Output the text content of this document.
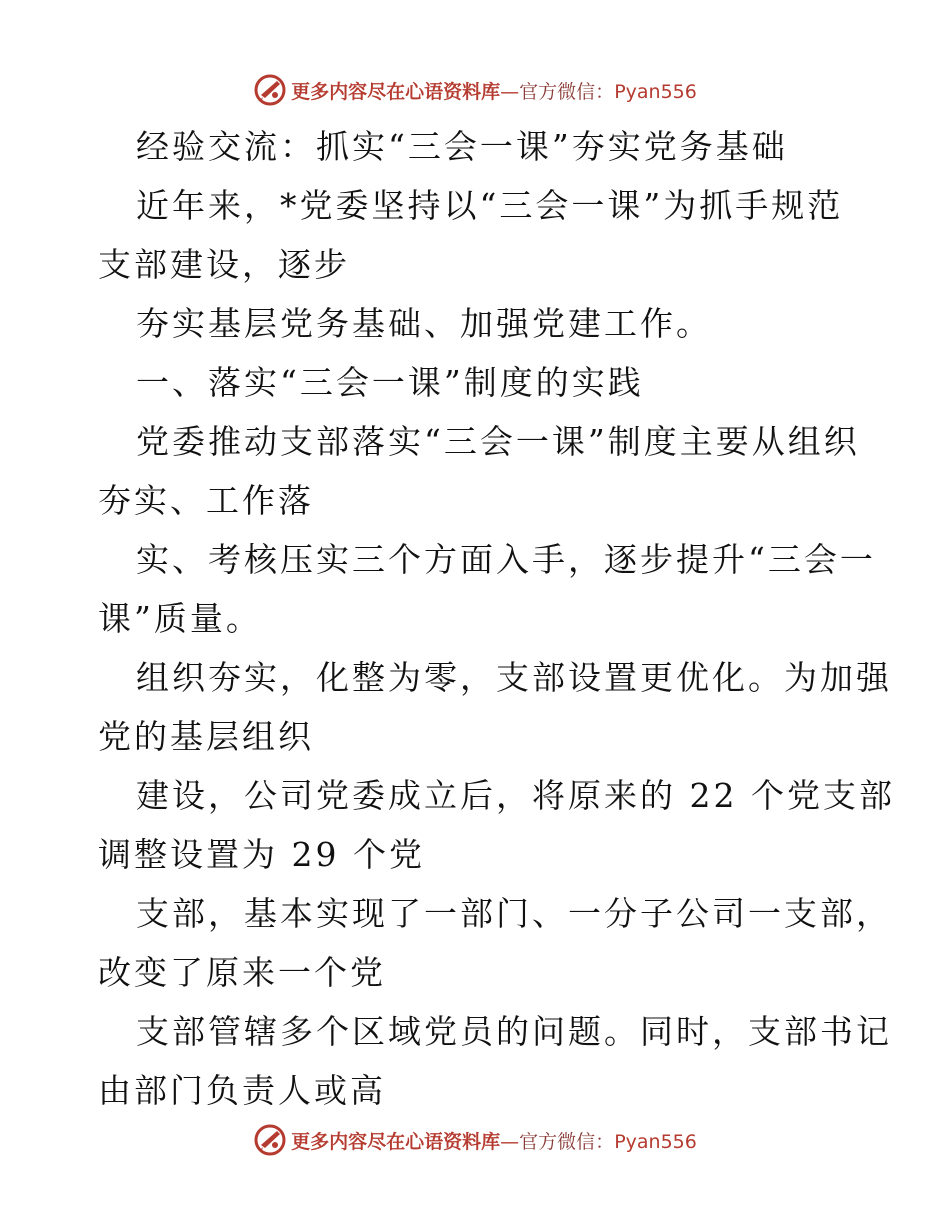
更多内容尽在心语资料库—官方微信：Pyan556
经验交流：抓实“三会一课”夯实党务基础
近年来，*党委坚持以“三会一课”为抓手规范
支部建设，逐步
夯实基层党务基础、加强党建工作。
一、落实“三会一课”制度的实践
党委推动支部落实“三会一课”制度主要从组织
夯实、工作落
实、考核压实三个方面入手，逐步提升“三会一
课”质量。
组织夯实，化整为零，支部设置更优化。为加强
党的基层组织
建设，公司党委成立后，将原来的 22 个党支部
调整设置为 29 个党
支部，基本实现了一部门、一分子公司一支部，
改变了原来一个党
支部管辖多个区域党员的问题。同时，支部书记
由部门负责人或高
更多内容尽在心语资料库—官方微信：Pyan556
